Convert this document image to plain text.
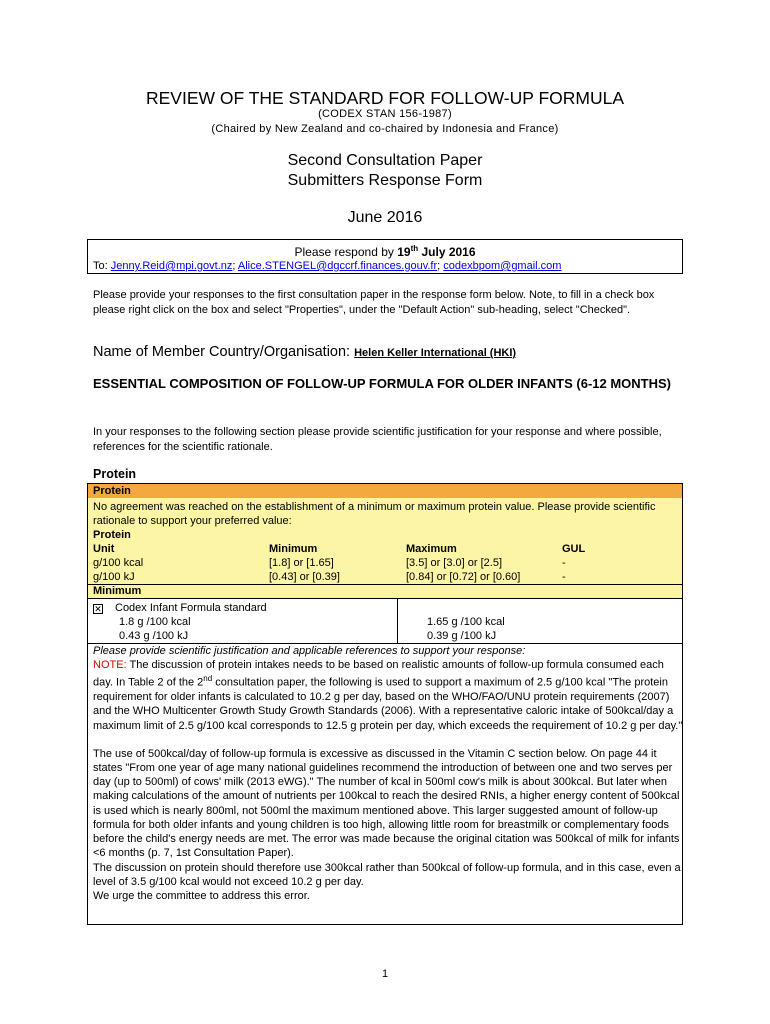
REVIEW OF THE STANDARD FOR FOLLOW-UP FORMULA
(CODEX STAN 156-1987)
(Chaired by New Zealand and co-chaired by Indonesia and France)
Second Consultation Paper
Submitters Response Form
June 2016
Please respond by 19th July 2016
To: Jenny.Reid@mpi.govt.nz; Alice.STENGEL@dgccrf.finances.gouv.fr; codexbpom@gmail.com
Please provide your responses to the first consultation paper in the response form below. Note, to fill in a check box please right click on the box and select "Properties", under the "Default Action" sub-heading, select "Checked".
Name of Member Country/Organisation: Helen Keller International (HKI)
ESSENTIAL COMPOSITION OF FOLLOW-UP FORMULA FOR OLDER INFANTS (6-12 MONTHS)
In your responses to the following section please provide scientific justification for your response and where possible, references for the scientific rationale.
Protein
Protein
No agreement was reached on the establishment of a minimum or maximum protein value. Please provide scientific rationale to support your preferred value:
Protein
Unit	Minimum	Maximum	GUL
g/100 kcal	[1.8] or [1.65]	[3.5] or [3.0] or [2.5]	-
g/100 kJ	[0.43] or [0.39]	[0.84] or [0.72] or [0.60]	-
Minimum
✕ Codex Infant Formula standard
1.8 g /100 kcal
0.43 g /100 kJ
1.65 g /100 kcal
0.39 g /100 kJ

Please provide scientific justification and applicable references to support your response:

NOTE: The discussion of protein intakes needs to be based on realistic amounts of follow-up formula consumed each day. In Table 2 of the 2nd consultation paper, the following is used to support a maximum of 2.5 g/100 kcal "The protein requirement for older infants is calculated to 10.2 g per day, based on the WHO/FAO/UNU protein requirements (2007) and the WHO Multicenter Growth Study Growth Standards (2006). With a representative caloric intake of 500kcal/day a maximum limit of 2.5 g/100 kcal corresponds to 12.5 g protein per day, which exceeds the requirement of 10.2 g per day."

The use of 500kcal/day of follow-up formula is excessive as discussed in the Vitamin C section below. On page 44 it states "From one year of age many national guidelines recommend the introduction of between one and two serves per day (up to 500ml) of cows' milk (2013 eWG)." The number of kcal in 500ml cow's milk is about 300kcal. But later when making calculations of the amount of nutrients per 100kcal to reach the desired RNIs, a higher energy content of 500kcal is used which is nearly 800ml, not 500ml the maximum mentioned above. This larger suggested amount of follow-up formula for both older infants and young children is too high, allowing little room for breastmilk or complementary foods before the child's energy needs are met. The error was made because the original citation was 500kcal of milk for infants <6 months (p. 7, 1st Consultation Paper).

The discussion on protein should therefore use 300kcal rather than 500kcal of follow-up formula, and in this case, even a level of 3.5 g/100 kcal would not exceed 10.2 g per day.

We urge the committee to address this error.

1
